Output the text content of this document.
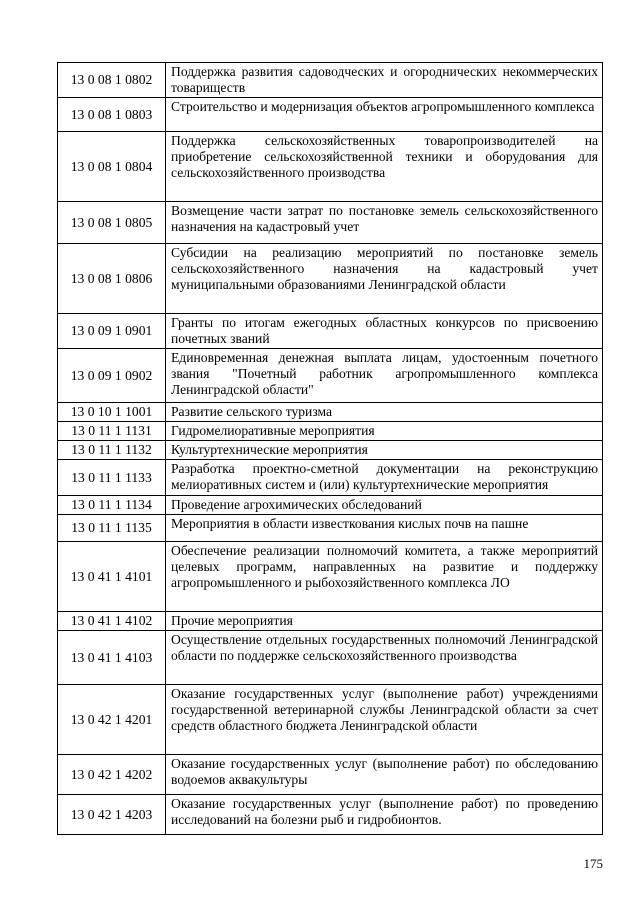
13 0 08 1 0802	Поддержка развития садоводческих и огороднических некоммерческих товариществ
13 0 08 1 0803	Строительство и модернизация объектов агропромышленного комплекса
13 0 08 1 0804	Поддержка сельскохозяйственных товаропроизводителей на приобретение сельскохозяйственной техники и оборудования для сельскохозяйственного производства
13 0 08 1 0805	Возмещение части затрат по постановке земель сельскохозяйственного назначения на кадастровый учет
13 0 08 1 0806	Субсидии на реализацию мероприятий по постановке земель сельскохозяйственного назначения на кадастровый учет муниципальными образованиями Ленинградской области
13 0 09 1 0901	Гранты по итогам ежегодных областных конкурсов по присвоению почетных званий
13 0 09 1 0902	Единовременная денежная выплата лицам, удостоенным почетного звания "Почетный работник агропромышленного комплекса Ленинградской области"
13 0 10 1 1001	Развитие сельского туризма
13 0 11 1 1131	Гидромелиоративные мероприятия
13 0 11 1 1132	Культуртехнические мероприятия
13 0 11 1 1133	Разработка проектно-сметной документации на реконструкцию мелиоративных систем и (или) культуртехнические мероприятия
13 0 11 1 1134	Проведение агрохимических обследований
13 0 11 1 1135	Мероприятия в области известкования кислых почв на пашне
13 0 41 1 4101	Обеспечение реализации полномочий комитета, а также мероприятий целевых программ, направленных на развитие и поддержку агропромышленного и рыбохозяйственного комплекса ЛО
13 0 41 1 4102	Прочие мероприятия
13 0 41 1 4103	Осуществление отдельных государственных полномочий Ленинградской области по поддержке сельскохозяйственного производства
13 0 42 1 4201	Оказание государственных услуг (выполнение работ) учреждениями государственной ветеринарной службы Ленинградской области за счет средств областного бюджета Ленинградской области
13 0 42 1 4202	Оказание государственных услуг (выполнение работ) по обследованию водоемов аквакультуры
13 0 42 1 4203	Оказание государственных услуг (выполнение работ) по проведению исследований на болезни рыб и гидробионтов.
175
